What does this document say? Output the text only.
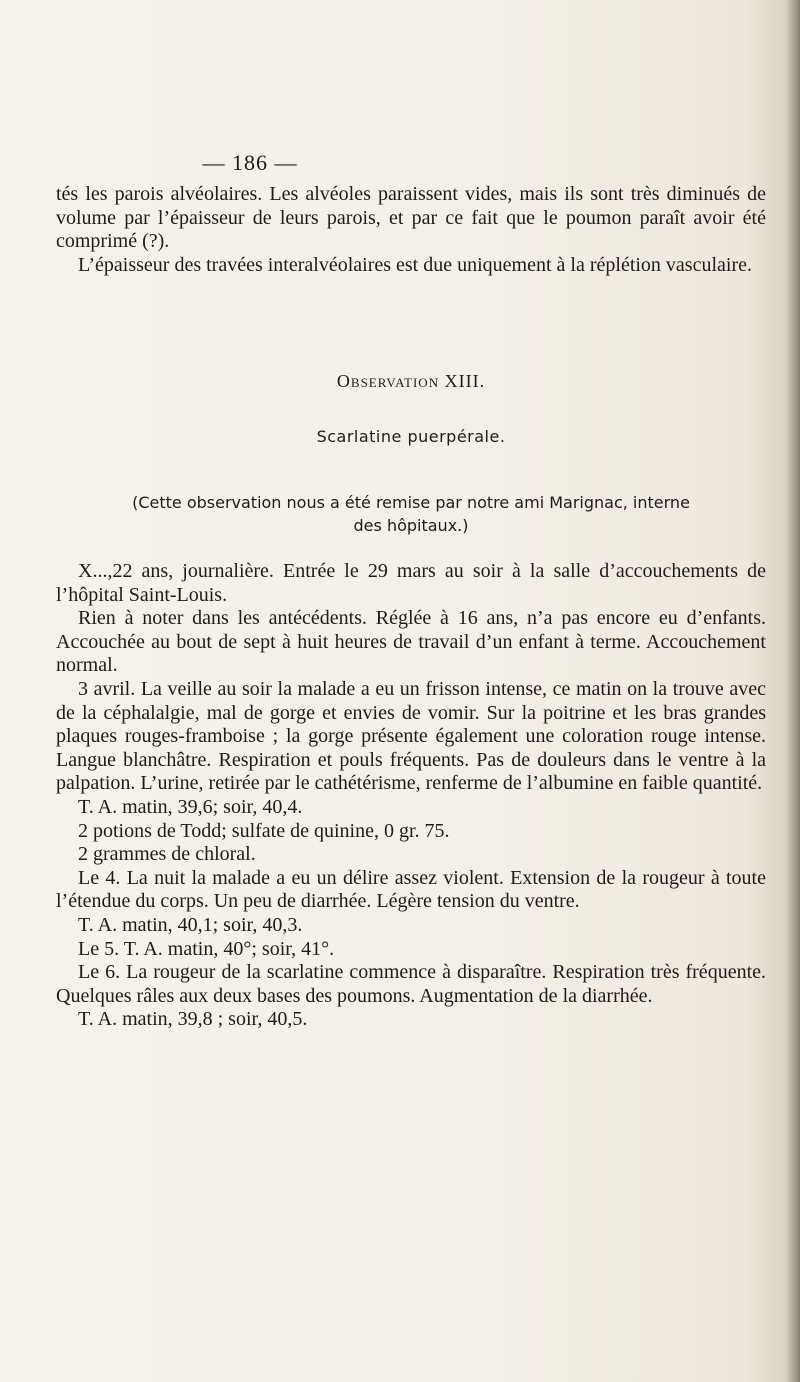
— 186 —

tés les parois alvéolaires. Les alvéoles paraissent vides, mais ils sont très diminués de volume par l’épaisseur de leurs parois, et par ce fait que le poumon paraît avoir été comprimé (?).

L’épaisseur des travées interalvéolaires est due uniquement à la réplétion vasculaire.

Observation XIII.
Scarlatine puerpérale.
(Cette observation nous a été remise par notre ami Marignac, interne
des hôpitaux.)

X...,22 ans, journalière. Entrée le 29 mars au soir à la salle d’accouchements de l’hôpital Saint-Louis.

Rien à noter dans les antécédents. Réglée à 16 ans, n’a pas encore eu d’enfants. Accouchée au bout de sept à huit heures de travail d’un enfant à terme. Accouchement normal.

3 avril. La veille au soir la malade a eu un frisson intense, ce matin on la trouve avec de la céphalalgie, mal de gorge et envies de vomir. Sur la poitrine et les bras grandes plaques rouges-framboise ; la gorge présente également une coloration rouge intense. Langue blanchâtre. Respiration et pouls fréquents. Pas de douleurs dans le ventre à la palpation. L’urine, retirée par le cathétérisme, renferme de l’albumine en faible quantité.

T. A. matin, 39,6; soir, 40,4.

2 potions de Todd; sulfate de quinine, 0 gr. 75.

2 grammes de chloral.

Le 4. La nuit la malade a eu un délire assez violent. Extension de la rougeur à toute l’étendue du corps. Un peu de diarrhée. Légère tension du ventre.

T. A. matin, 40,1; soir, 40,3.

Le 5. T. A. matin, 40°; soir, 41°.

Le 6. La rougeur de la scarlatine commence à disparaître. Respiration très fréquente. Quelques râles aux deux bases des poumons. Augmentation de la diarrhée.

T. A. matin, 39,8 ; soir, 40,5.
